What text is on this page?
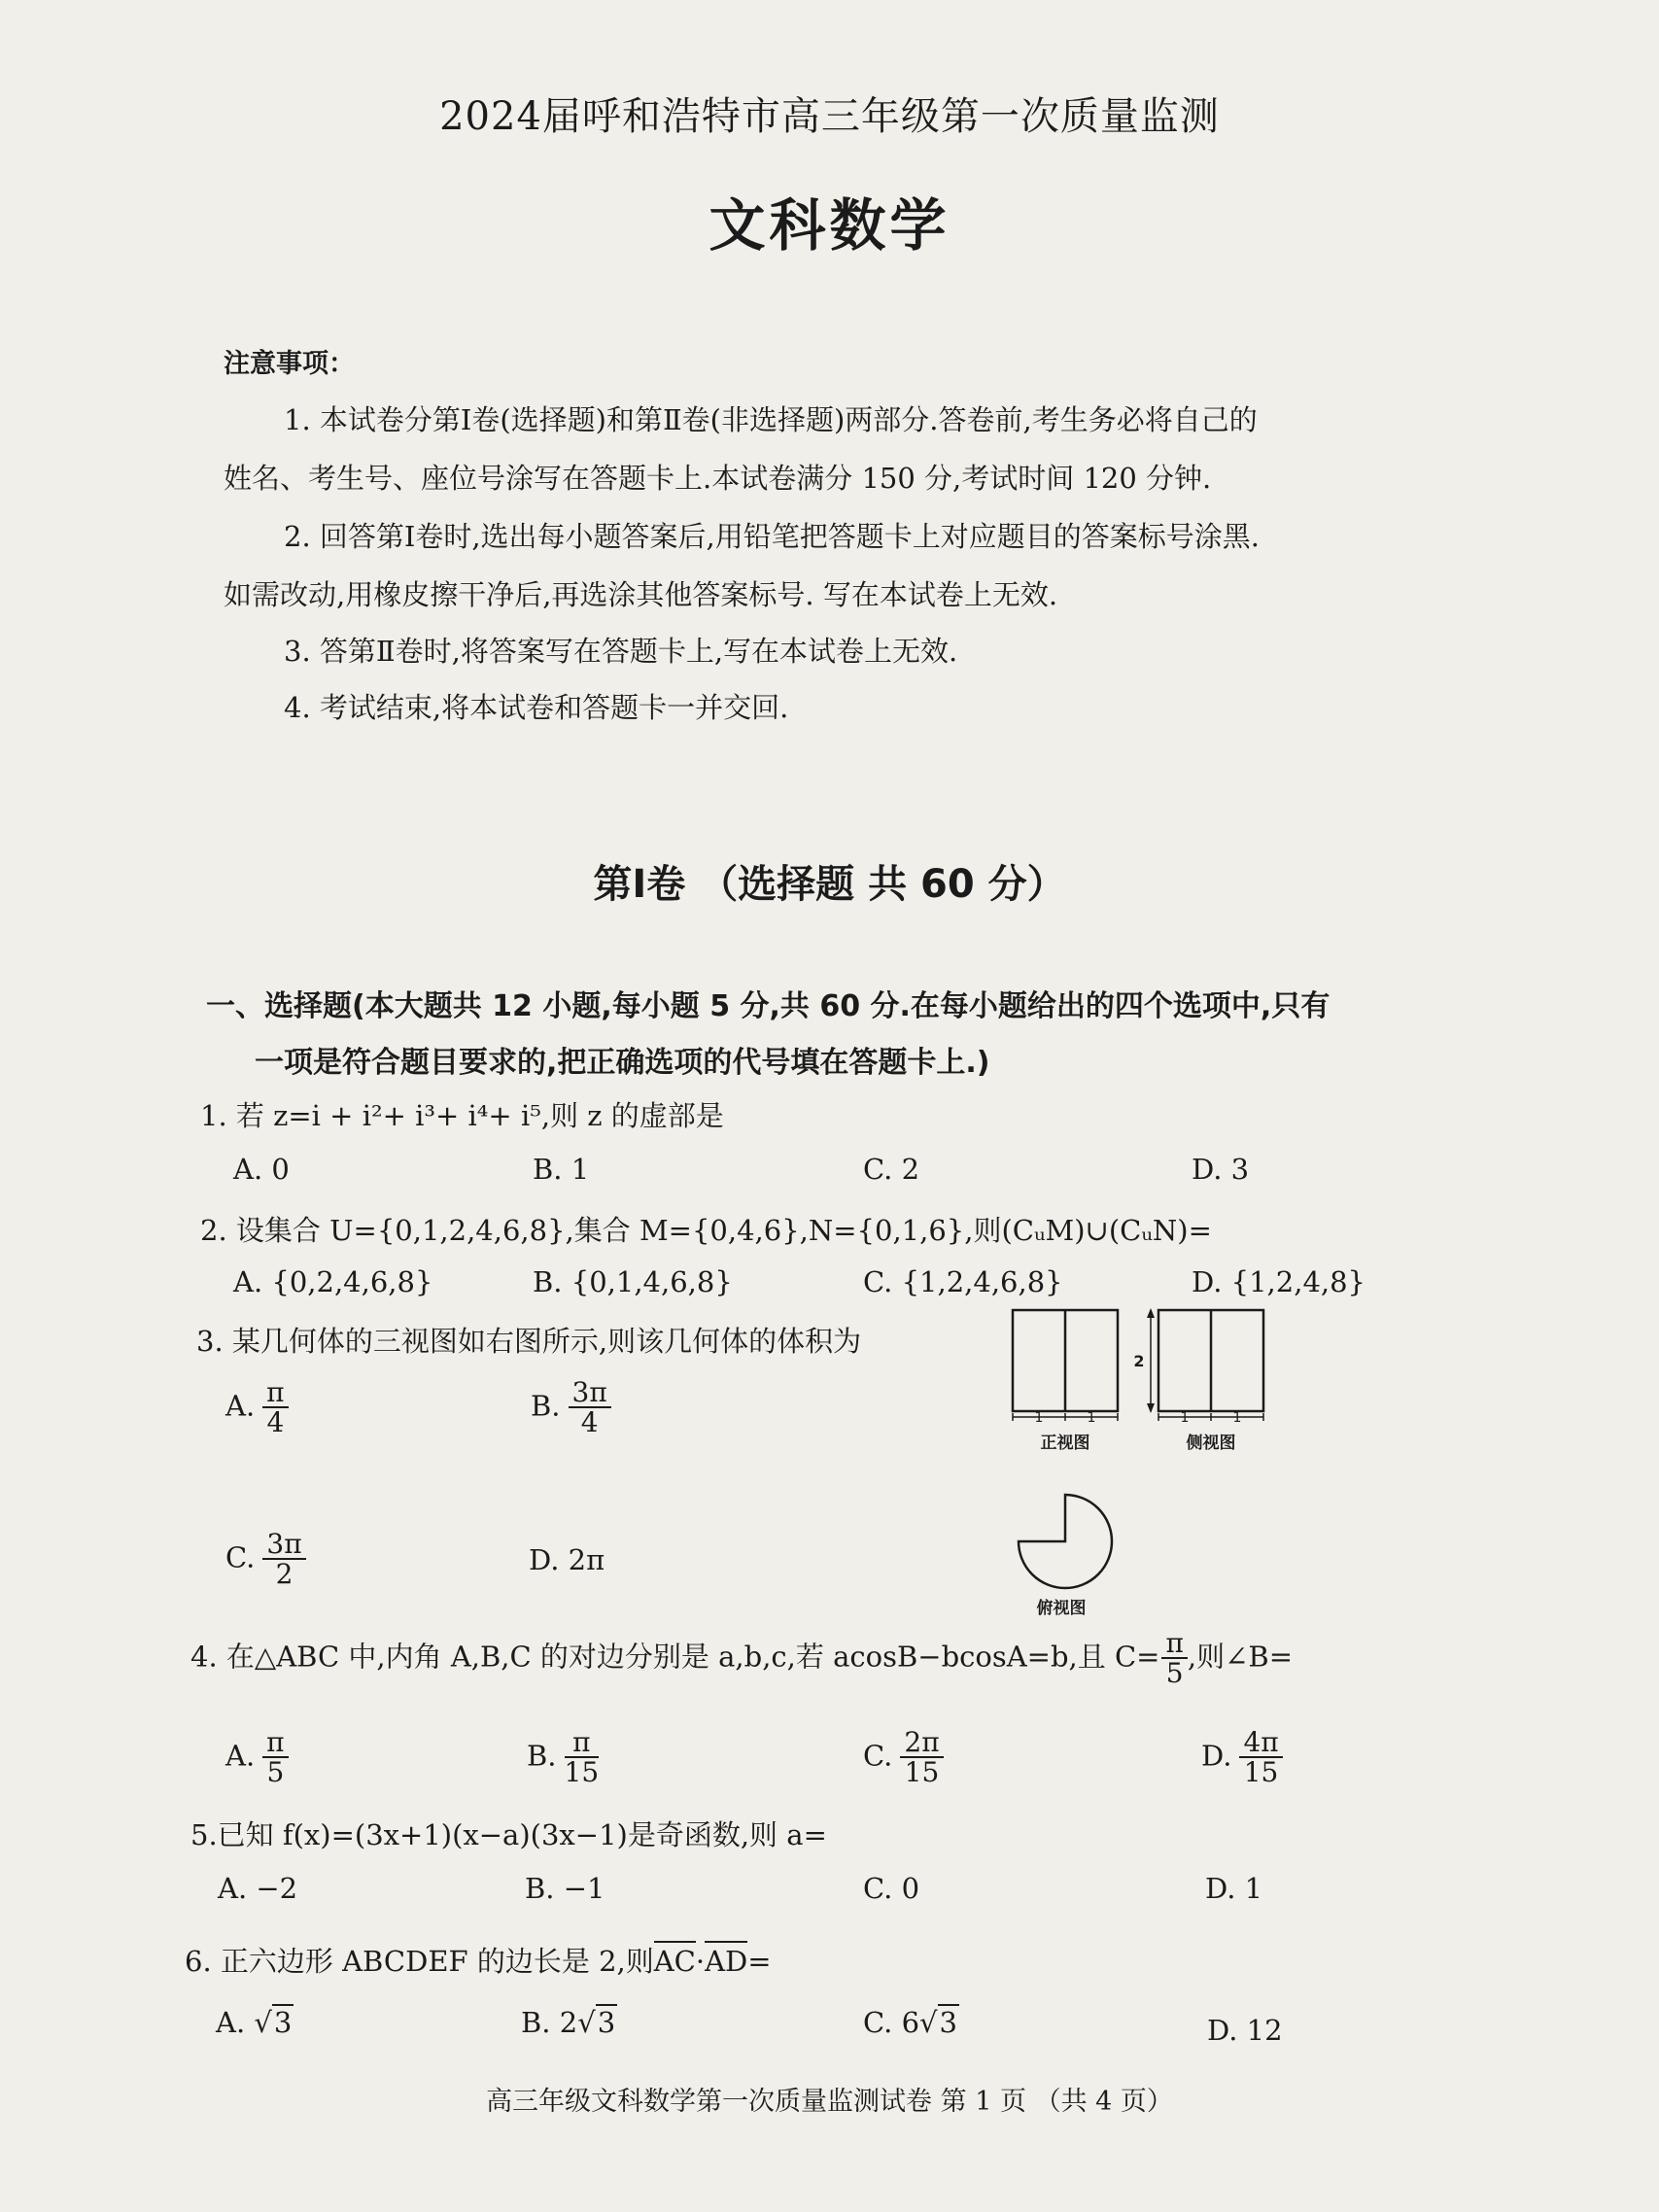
2024届呼和浩特市高三年级第一次质量监测
文科数学
注意事项：
1. 本试卷分第Ⅰ卷(选择题)和第Ⅱ卷(非选择题)两部分.答卷前,考生务必将自己的
姓名、考生号、座位号涂写在答题卡上.本试卷满分 150 分,考试时间 120 分钟.
2. 回答第Ⅰ卷时,选出每小题答案后,用铅笔把答题卡上对应题目的答案标号涂黑.
如需改动,用橡皮擦干净后,再选涂其他答案标号. 写在本试卷上无效.
3. 答第Ⅱ卷时,将答案写在答题卡上,写在本试卷上无效.
4. 考试结束,将本试卷和答题卡一并交回.
第Ⅰ卷 （选择题 共 60 分）
一、选择题(本大题共 12 小题,每小题 5 分,共 60 分.在每小题给出的四个选项中,只有
一项是符合题目要求的,把正确选项的代号填在答题卡上.)
1. 若 z=i + i²+ i³+ i⁴+ i⁵,则 z 的虚部是
A. 0	B. 1	C. 2	D. 3
2. 设集合 U={0,1,2,4,6,8},集合 M={0,4,6},N={0,1,6},则(CᵤM)∪(CᵤN)=
A. {0,2,4,6,8}	B. {0,1,4,6,8}	C. {1,2,4,6,8}	D. {1,2,4,8}
3. 某几何体的三视图如右图所示,则该几何体的体积为
A. $\frac{\pi}{4}$	B. $\frac{3\pi}{4}$
C. $\frac{3\pi}{2}$	D. 2π
1	1
正视图
2
1	1
侧视图
俯视图
4. 在△ABC 中,内角 A,B,C 的对边分别是 a,b,c,若 acosB−bcosA=b,且 $C= \frac{\pi}{5}$ ,则∠B=
A. $\frac{\pi}{5}$	B. $\frac{\pi}{15}$	C. $\frac{2\pi}{15}$	D. $\frac{4\pi}{15}$
5.已知 f(x)=(3x+1)(x−a)(3x−1)是奇函数,则 a=
A. −2	B. −1	C. 0	D. 1
6. 正六边形 ABCDEF 的边长是 2,则
AC·
AD=
A. √3	B. 2√3	C. 6√3	D. 12
高三年级文科数学第一次质量监测试卷 第 1 页 （共 4 页）
